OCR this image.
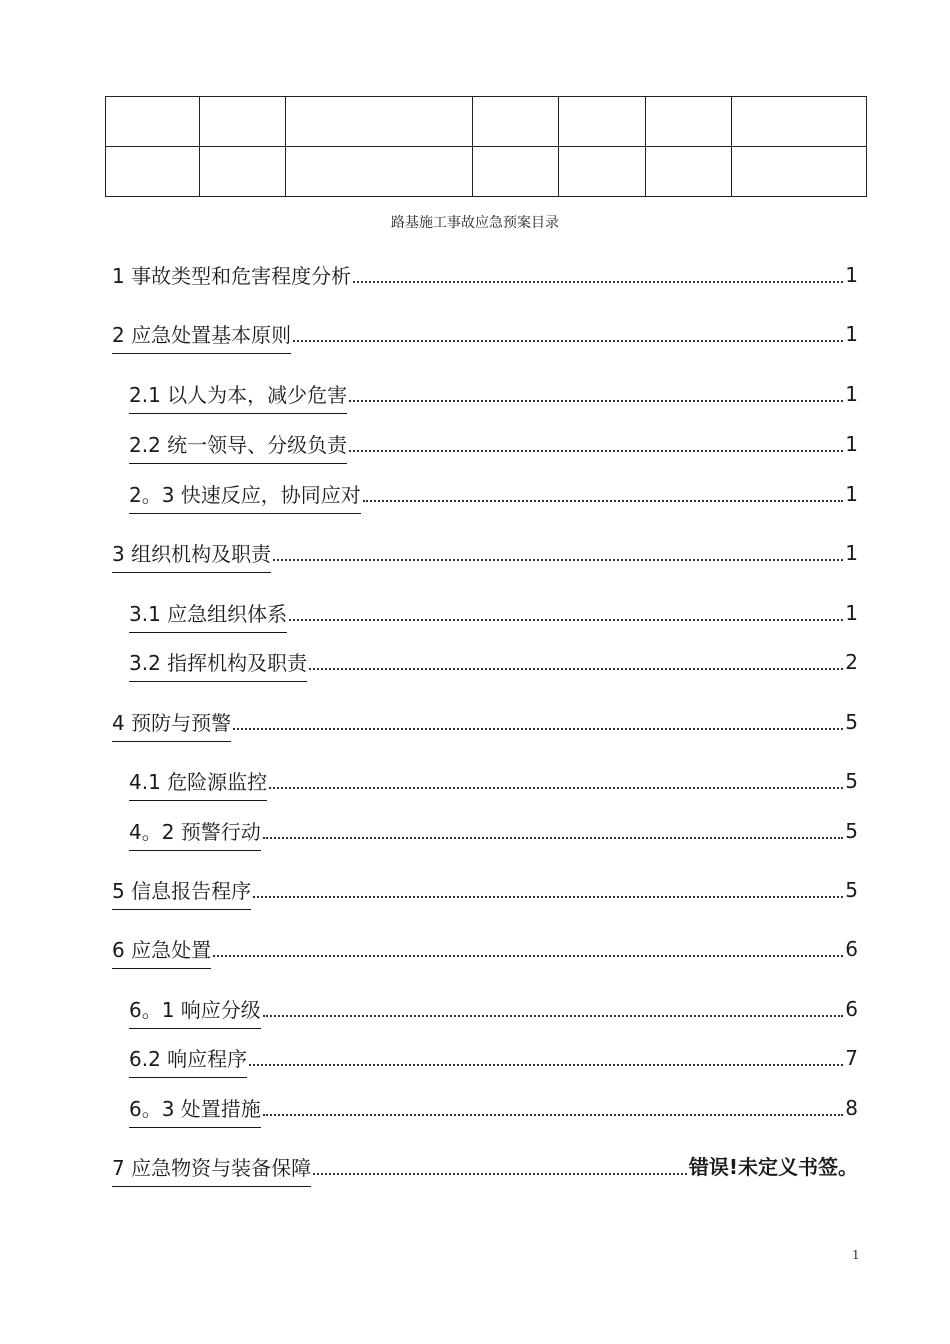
路基施工事故应急预案目录
1 事故类型和危害程度分析	1
2 应急处置基本原则	1
2.1 以人为本，减少危害	1
2.2 统一领导、分级负责	1
2。3 快速反应，协同应对	1
3 组织机构及职责	1
3.1 应急组织体系	1
3.2 指挥机构及职责	2
4 预防与预警	5
4.1 危险源监控	5
4。2 预警行动	5
5 信息报告程序	5
6 应急处置	6
6。1 响应分级	6
6.2 响应程序	7
6。3 处置措施	8
7 应急物资与装备保障	错误!未定义书签。
1
